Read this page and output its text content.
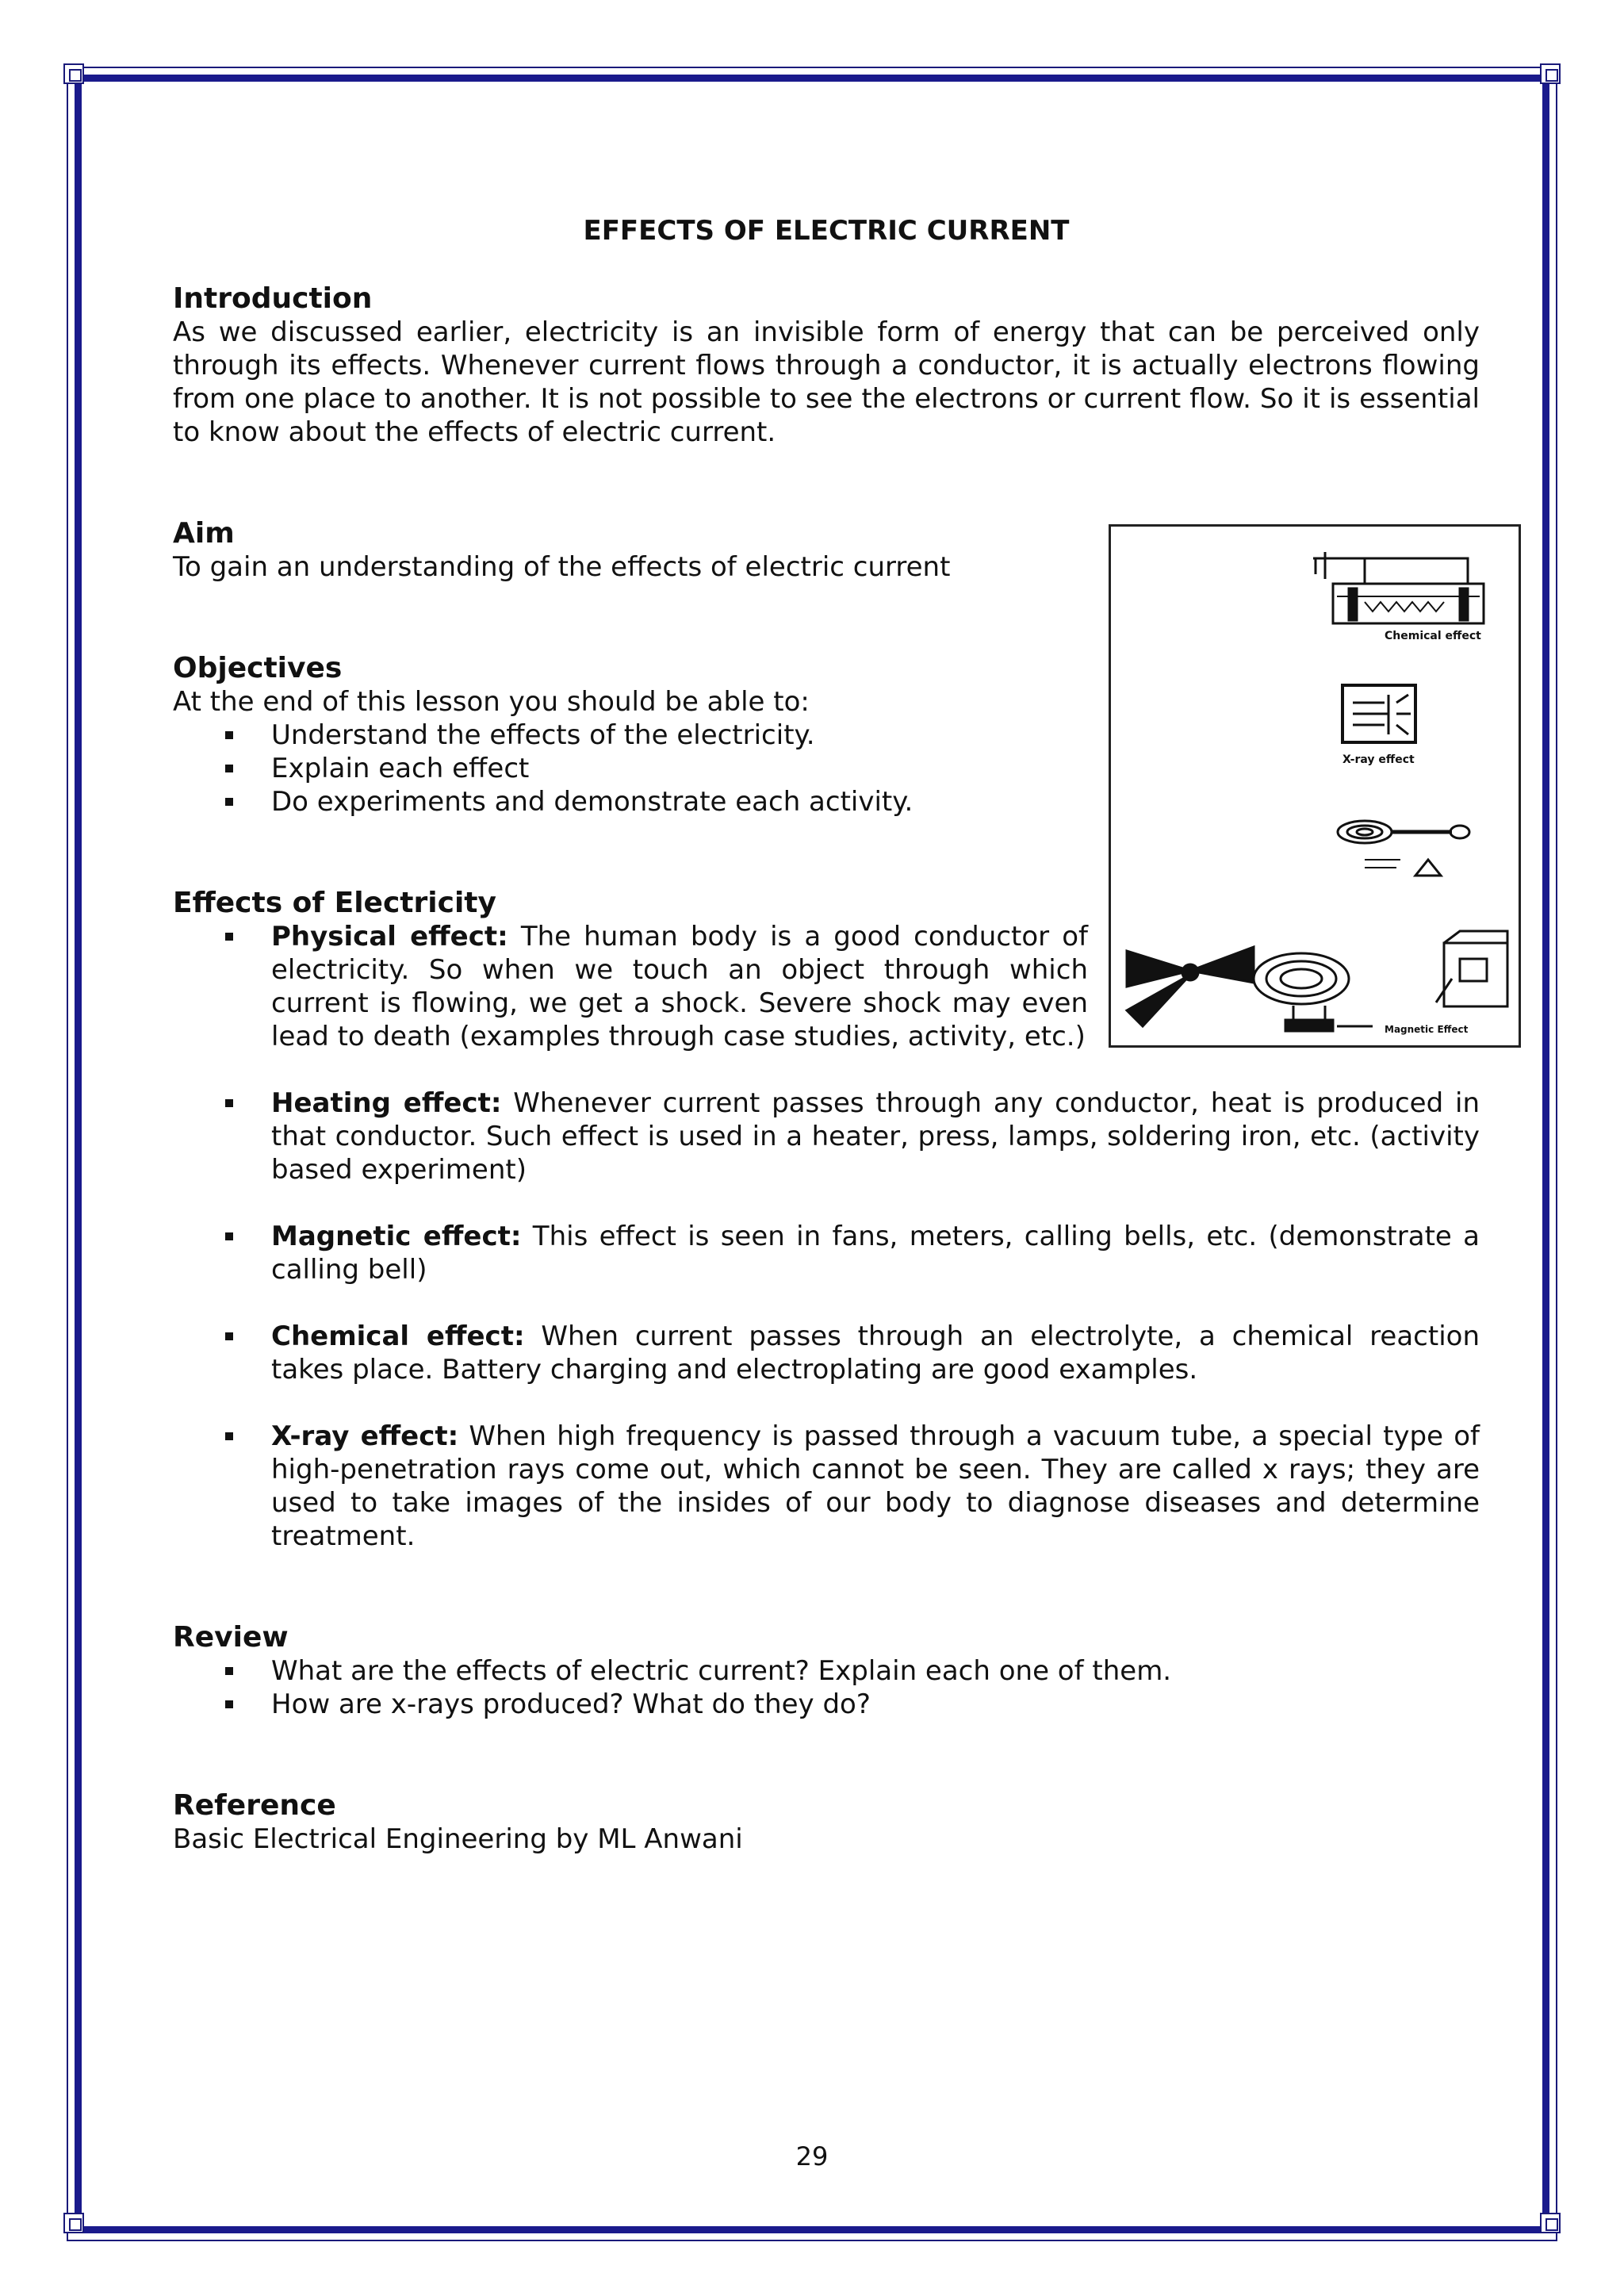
EFFECTS OF ELECTRIC CURRENT
Introduction

As we discussed earlier, electricity is an invisible form of energy that can be perceived only through its effects. Whenever current flows through a conductor, it is actually electrons flowing from one place to another. It is not possible to see the electrons or current flow. So it is essential to know about the effects of electric current.

Aim

To gain an understanding of the effects of electric current

Objectives

At the end of this lesson you should be able to:

Understand the effects of the electricity.
Explain each effect
Do experiments and demonstrate each activity.
Effects of Electricity
Physical effect: The human body is a good conductor of electricity. So when we touch an object through which current is flowing, we get a shock. Severe shock may even lead to death (examples through case studies, activity, etc.)
Heating effect: Whenever current passes through any conductor, heat is produced in that conductor. Such effect is used in a heater, press, lamps, soldering iron, etc. (activity based experiment)
Magnetic effect: This effect is seen in fans, meters, calling bells, etc. (demonstrate a calling bell)
Chemical effect: When current passes through an electrolyte, a chemical reaction takes place. Battery charging and electroplating are good examples.
X-ray effect: When high frequency is passed through a vacuum tube, a special type of high-penetration rays come out, which cannot be seen. They are called x rays; they are used to take images of the insides of our body to diagnose diseases and determine treatment.
Review
What are the effects of electric current? Explain each one of them.
How are x-rays produced? What do they do?
Reference

Basic Electrical Engineering by ML Anwani

Chemical effect
X-ray effect
Magnetic Effect
29
